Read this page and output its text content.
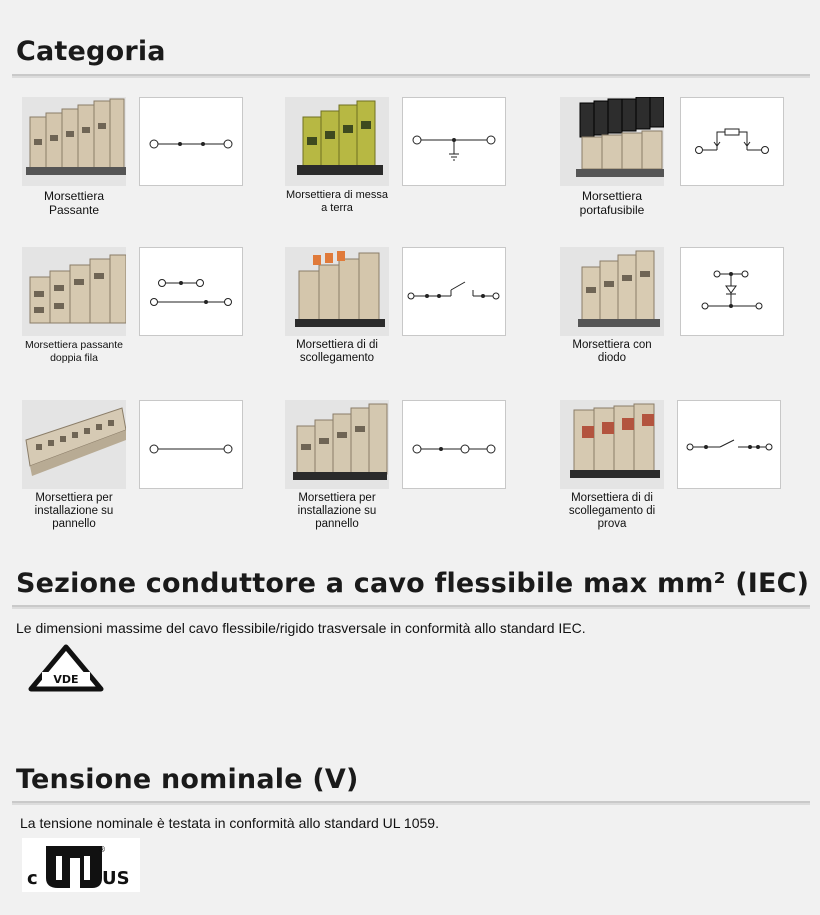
Categoria
Morsettiera Passante
Morsettiera di messa a terra
Morsettiera portafusibile
Morsettiera passante doppia fila
Morsettiera di di scollegamento
Morsettiera con diodo
Morsettiera per installazione su pannello
Morsettiera per installazione su pannello
Morsettiera di di scollegamento di prova
Sezione conduttore a cavo flessibile max mm² (IEC)

Le dimensioni massime del cavo flessibile/rigido trasversale in conformità allo standard IEC.

VDE
Tensione nominale (V)

La tensione nominale è testata in conformità allo standard UL 1059.

c	US
®
